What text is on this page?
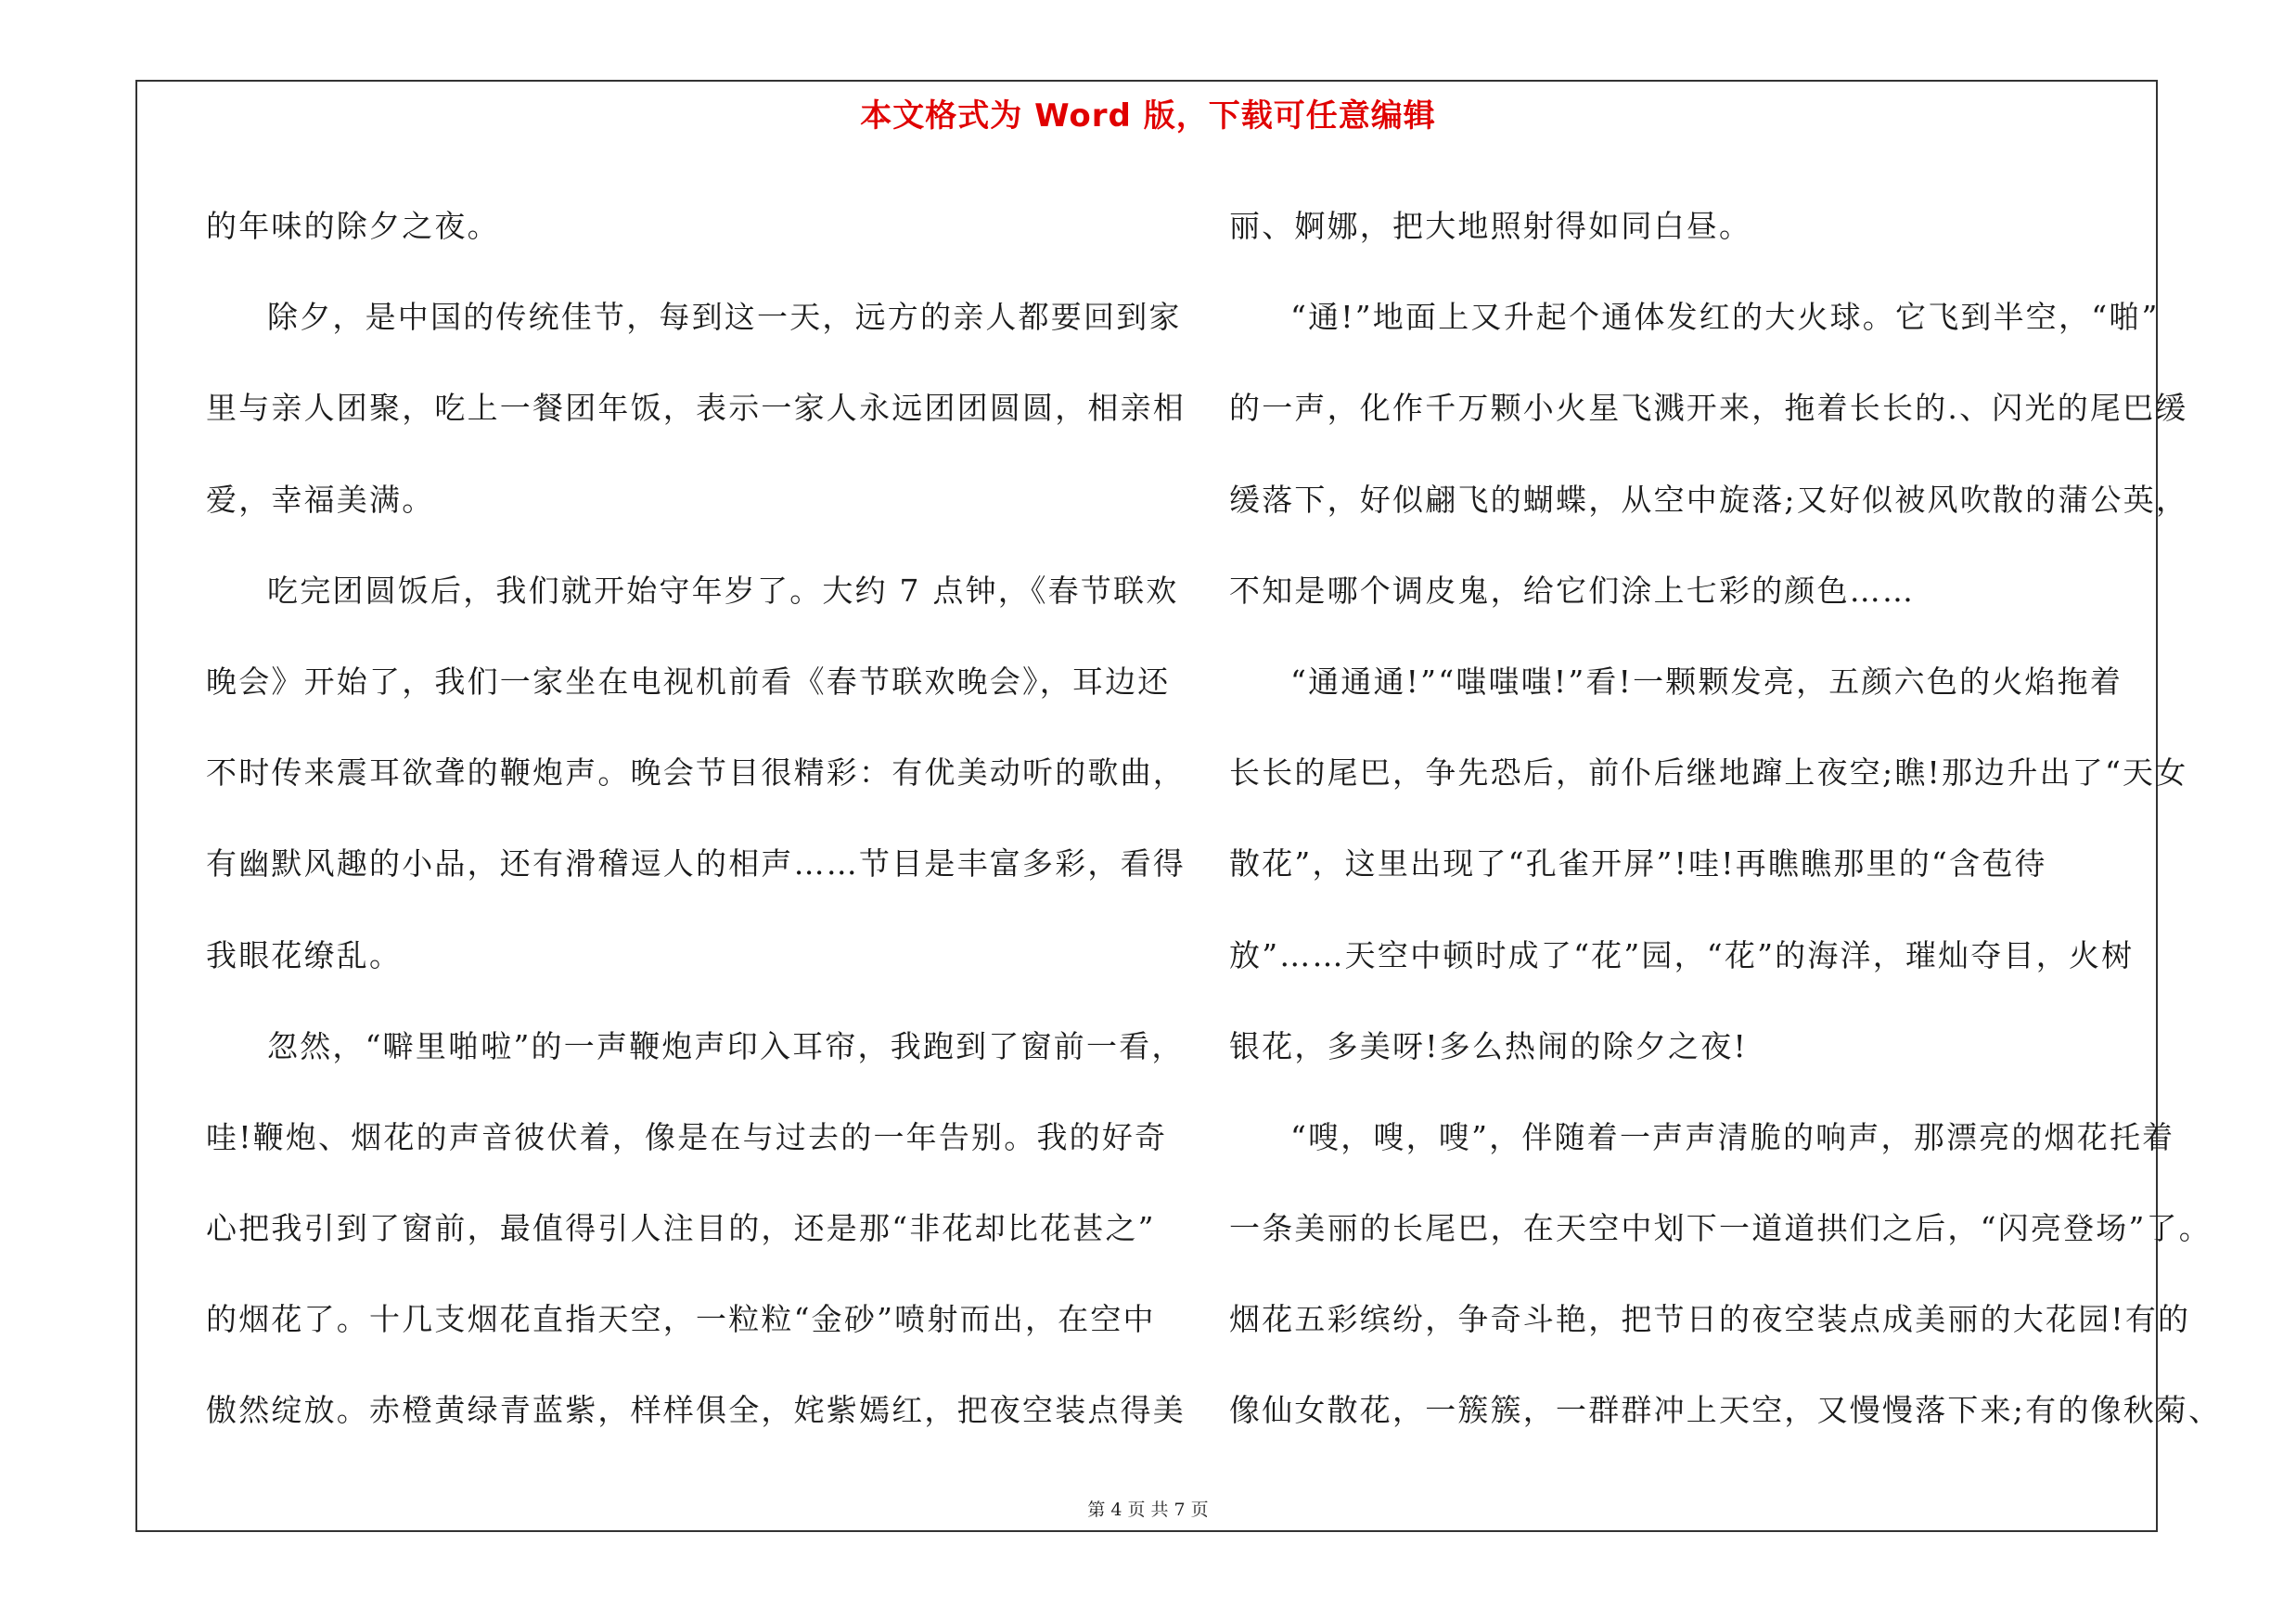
本文格式为 Word 版，下载可任意编辑
的年味的除夕之夜。
除夕，是中国的传统佳节，每到这一天，远方的亲人都要回到家
里与亲人团聚，吃上一餐团年饭，表示一家人永远团团圆圆，相亲相
爱，幸福美满。
吃完团圆饭后，我们就开始守年岁了。大约 7 点钟，《春节联欢
晚会》开始了，我们一家坐在电视机前看《春节联欢晚会》，耳边还
不时传来震耳欲聋的鞭炮声。晚会节目很精彩：有优美动听的歌曲，
有幽默风趣的小品，还有滑稽逗人的相声……节目是丰富多彩，看得
我眼花缭乱。
忽然，“噼里啪啦”的一声鞭炮声印入耳帘，我跑到了窗前一看，
哇!鞭炮、烟花的声音彼伏着，像是在与过去的一年告别。我的好奇
心把我引到了窗前，最值得引人注目的，还是那“非花却比花甚之”
的烟花了。十几支烟花直指天空，一粒粒“金砂”喷射而出，在空中
傲然绽放。赤橙黄绿青蓝紫，样样俱全，姹紫嫣红，把夜空装点得美
丽、婀娜，把大地照射得如同白昼。
“通!”地面上又升起个通体发红的大火球。它飞到半空，“啪”
的一声，化作千万颗小火星飞溅开来，拖着长长的.、闪光的尾巴缓
缓落下，好似翩飞的蝴蝶，从空中旋落;又好似被风吹散的蒲公英，
不知是哪个调皮鬼，给它们涂上七彩的颜色……
“通通通!”“嗤嗤嗤!”看!一颗颗发亮，五颜六色的火焰拖着
长长的尾巴，争先恐后，前仆后继地蹿上夜空;瞧!那边升出了“天女
散花”，这里出现了“孔雀开屏”!哇!再瞧瞧那里的“含苞待
放”……天空中顿时成了“花”园，“花”的海洋，璀灿夺目，火树
银花，多美呀!多么热闹的除夕之夜!
“嗖，嗖，嗖”，伴随着一声声清脆的响声，那漂亮的烟花托着
一条美丽的长尾巴，在天空中划下一道道拱们之后，“闪亮登场”了。
烟花五彩缤纷，争奇斗艳，把节日的夜空装点成美丽的大花园!有的
像仙女散花，一簇簇，一群群冲上天空，又慢慢落下来;有的像秋菊、
第 4 页 共 7 页
